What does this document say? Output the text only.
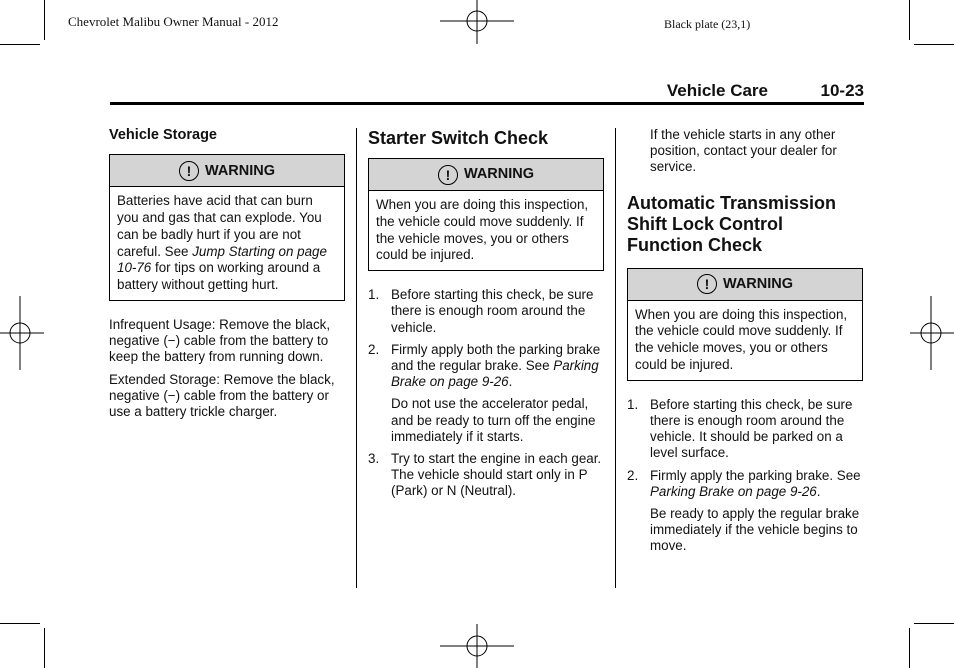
Chevrolet Malibu Owner Manual - 2012	Black plate (23,1)
Vehicle Care	10-23
Vehicle Storage
! WARNING
Batteries have acid that can burn you and gas that can explode. You can be badly hurt if you are not careful. See Jump Starting on page 10-76 for tips on working around a battery without getting hurt.

Infrequent Usage: Remove the black, negative (−) cable from the battery to keep the battery from running down.

Extended Storage: Remove the black, negative (−) cable from the battery or use a battery trickle charger.

Starter Switch Check
! WARNING
When you are doing this inspection, the vehicle could move suddenly. If the vehicle moves, you or others could be injured.
1. Before starting this check, be sure there is enough room around the vehicle.
2. Firmly apply both the parking brake and the regular brake. See Parking Brake on page 9-26.
Do not use the accelerator pedal, and be ready to turn off the engine immediately if it starts.
3. Try to start the engine in each gear. The vehicle should start only in P (Park) or N (Neutral).

If the vehicle starts in any other position, contact your dealer for service.

Automatic Transmission Shift Lock Control Function Check
! WARNING
When you are doing this inspection, the vehicle could move suddenly. If the vehicle moves, you or others could be injured.
1. Before starting this check, be sure there is enough room around the vehicle. It should be parked on a level surface.
2. Firmly apply the parking brake. See Parking Brake on page 9-26.
Be ready to apply the regular brake immediately if the vehicle begins to move.
